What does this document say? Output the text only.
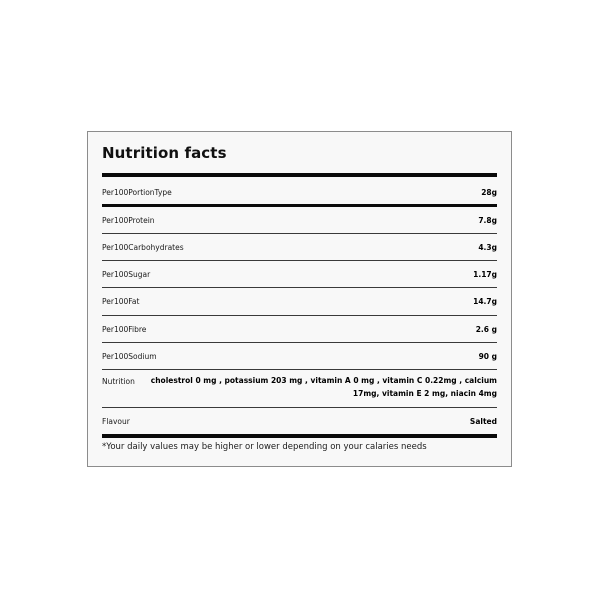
Nutrition facts
Per100PortionType	28g
Per100Protein	7.8g
Per100Carbohydrates	4.3g
Per100Sugar	1.17g
Per100Fat	14.7g
Per100Fibre	2.6 g
Per100Sodium	90 g
Nutrition	cholestrol 0 mg , potassium 203 mg , vitamin A 0 mg , vitamin C 0.22mg , calcium 17mg, vitamin E 2 mg, niacin 4mg
Flavour	Salted
*Your daily values may be higher or lower depending on your calaries needs
